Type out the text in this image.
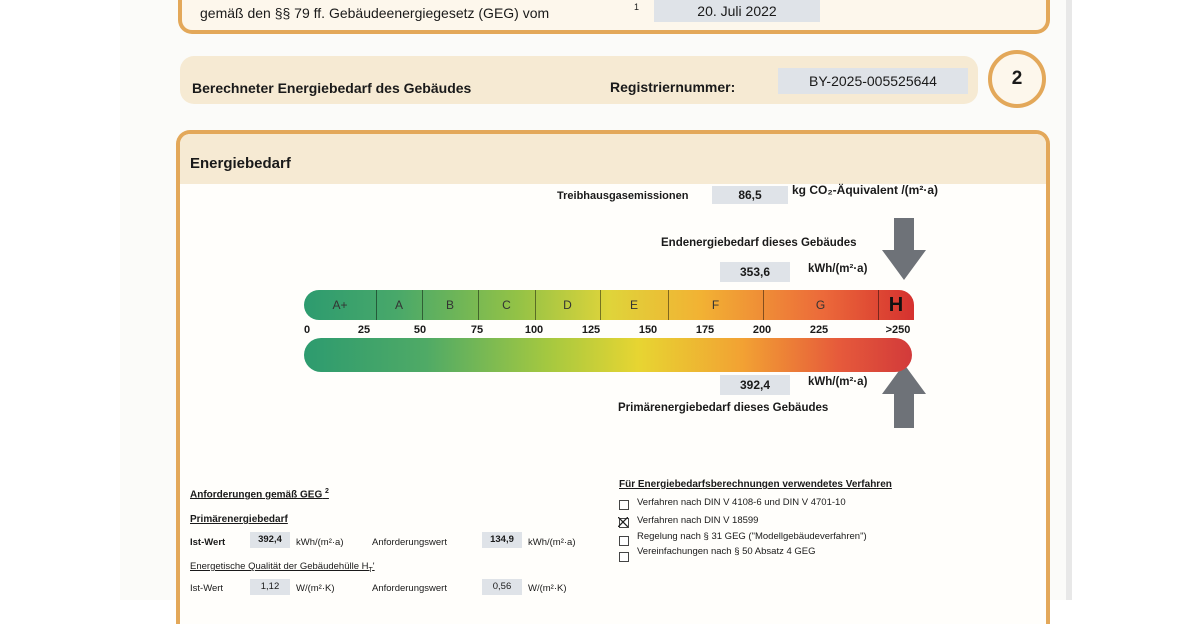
gemäß den §§ 79 ff. Gebäudeenergiegesetz (GEG) vom	1	20. Juli 2022
Berechneter Energiebedarf des Gebäudes	Registriernummer:	BY-2025-005525644	2
Energiebedarf
Treibhausgasemissionen	86,5	kg CO₂-Äquivalent /(m²·a)
Endenergiebedarf dieses Gebäudes
353,6	kWh/(m²·a)
A+	A	B	C	D	E	F	G	H
0	25	50	75	100	125	150	175	200	225	>250
392,4	kWh/(m²·a)
Primärenergiebedarf dieses Gebäudes
Anforderungen gemäß GEG $^2$
Primärenergiebedarf
Ist-Wert	392,4	kWh/(m²·a)	Anforderungswert	134,9	kWh/(m²·a)
Energetische Qualität der Gebäudehülle $H_T'$
Ist-Wert	1,12	W/(m²·K)	Anforderungswert	0,56	W/(m²·K)
Für Energiebedarfsberechnungen verwendetes Verfahren
Verfahren nach DIN V 4108-6 und DIN V 4701-10
Verfahren nach DIN V 18599
Regelung nach § 31 GEG ("Modellgebäudeverfahren")
Vereinfachungen nach § 50 Absatz 4 GEG
